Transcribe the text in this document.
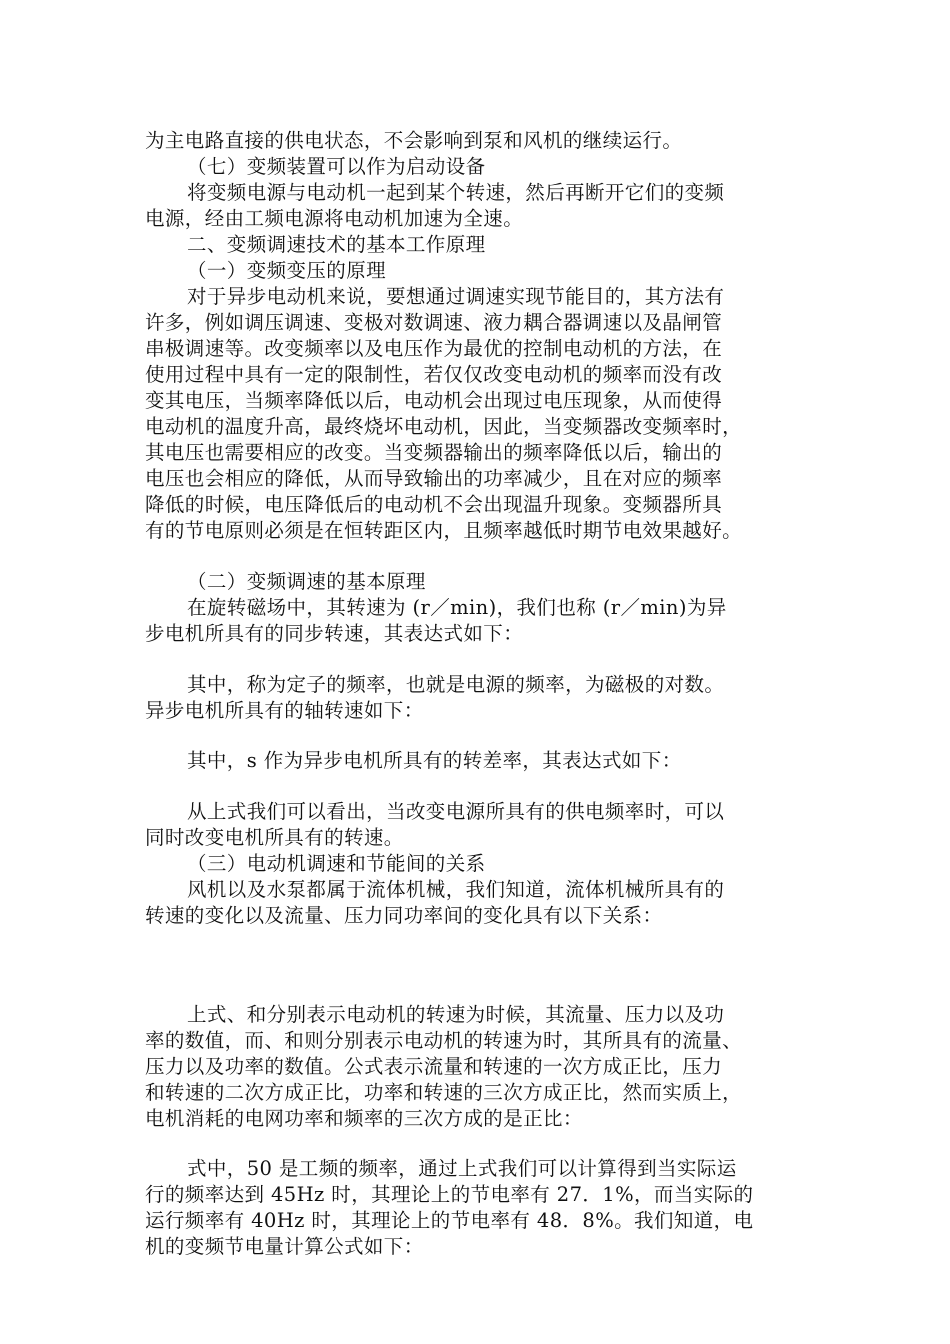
为主电路直接的供电状态，不会影响到泵和风机的继续运行。
（七）变频装置可以作为启动设备
将变频电源与电动机一起到某个转速，然后再断开它们的变频
电源，经由工频电源将电动机加速为全速。
二、变频调速技术的基本工作原理
（一）变频变压的原理
对于异步电动机来说，要想通过调速实现节能目的，其方法有
许多，例如调压调速、变极对数调速、液力耦合器调速以及晶闸管
串极调速等。改变频率以及电压作为最优的控制电动机的方法，在
使用过程中具有一定的限制性，若仅仅改变电动机的频率而没有改
变其电压，当频率降低以后，电动机会出现过电压现象，从而使得
电动机的温度升高，最终烧坏电动机，因此，当变频器改变频率时，
其电压也需要相应的改变。当变频器输出的频率降低以后，输出的
电压也会相应的降低，从而导致输出的功率减少，且在对应的频率
降低的时候，电压降低后的电动机不会出现温升现象。变频器所具
有的节电原则必须是在恒转距区内，且频率越低时期节电效果越好。
（二）变频调速的基本原理
在旋转磁场中，其转速为 (r／min)，我们也称 (r／min)为异
步电机所具有的同步转速，其表达式如下：
其中，称为定子的频率，也就是电源的频率，为磁极的对数。
异步电机所具有的轴转速如下：
其中，s 作为异步电机所具有的转差率，其表达式如下：
从上式我们可以看出，当改变电源所具有的供电频率时，可以
同时改变电机所具有的转速。
（三）电动机调速和节能间的关系
风机以及水泵都属于流体机械，我们知道，流体机械所具有的
转速的变化以及流量、压力同功率间的变化具有以下关系：
上式、和分别表示电动机的转速为时候，其流量、压力以及功
率的数值，而、和则分别表示电动机的转速为时，其所具有的流量、
压力以及功率的数值。公式表示流量和转速的一次方成正比，压力
和转速的二次方成正比，功率和转速的三次方成正比，然而实质上，
电机消耗的电网功率和频率的三次方成的是正比：
式中，50 是工频的频率，通过上式我们可以计算得到当实际运
行的频率达到 45Hz 时，其理论上的节电率有 27．1%，而当实际的
运行频率有 40Hz 时，其理论上的节电率有 48．8%。我们知道，电
机的变频节电量计算公式如下：
